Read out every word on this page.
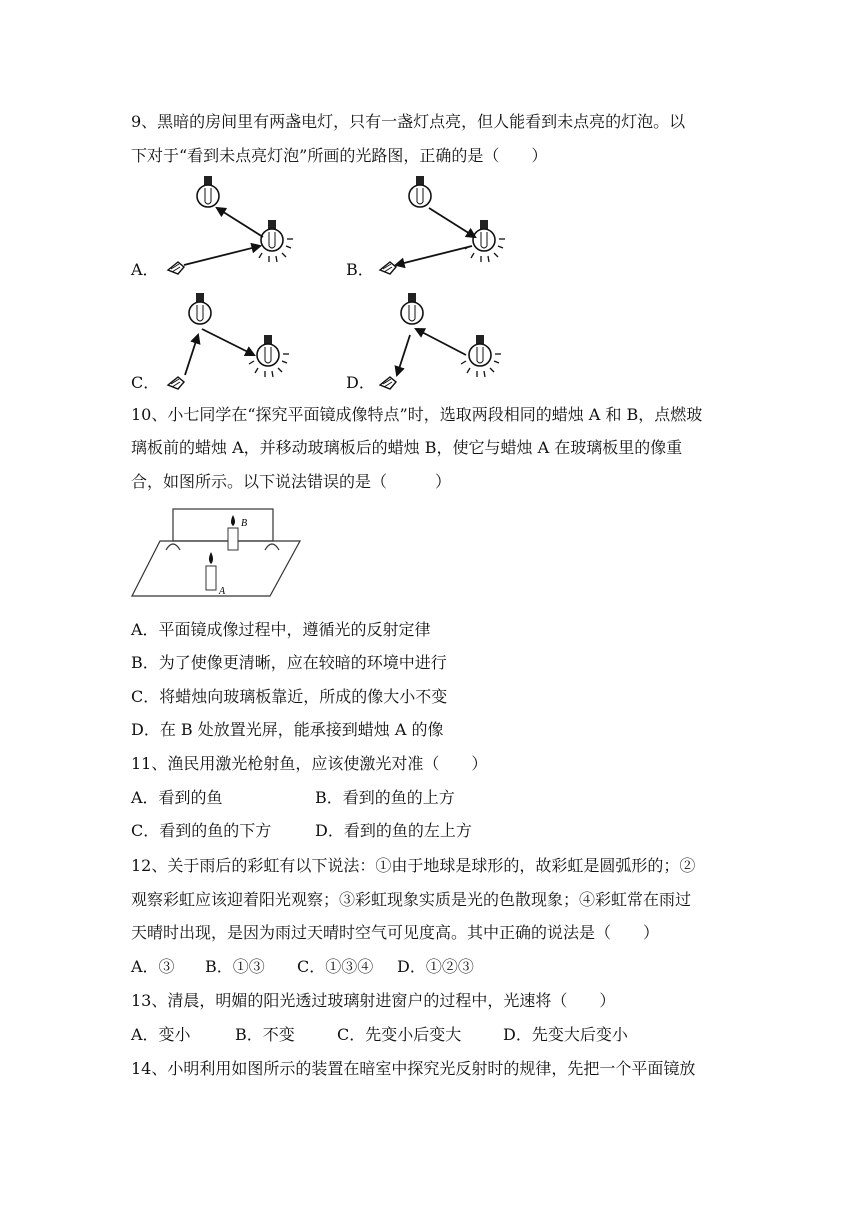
9、黑暗的房间里有两盏电灯，只有一盏灯点亮，但人能看到未点亮的灯泡。以
下对于“看到未点亮灯泡”所画的光路图，正确的是（　　）
A．	B．
C．	D．
10、小七同学在“探究平面镜成像特点”时，选取两段相同的蜡烛 A 和 B，点燃玻
璃板前的蜡烛 A，并移动玻璃板后的蜡烛 B，使它与蜡烛 A 在玻璃板里的像重
合，如图所示。以下说法错误的是（　　　）
B
A
A．平面镜成像过程中，遵循光的反射定律
B．为了使像更清晰，应在较暗的环境中进行
C．将蜡烛向玻璃板靠近，所成的像大小不变
D．在 B 处放置光屏，能承接到蜡烛 A 的像
11、渔民用激光枪射鱼，应该使激光对准（　　）
A．看到的鱼	B．看到的鱼的上方
C．看到的鱼的下方	D．看到的鱼的左上方
12、关于雨后的彩虹有以下说法：①由于地球是球形的，故彩虹是圆弧形的；②
观察彩虹应该迎着阳光观察；③彩虹现象实质是光的色散现象；④彩虹常在雨过
天晴时出现，是因为雨过天晴时空气可见度高。其中正确的说法是（　　）
A．③ B．①③ C．①③④ D．①②③
13、清晨，明媚的阳光透过玻璃射进窗户的过程中，光速将（　　）
A．变小	B．不变	C．先变小后变大	D．先变大后变小
14、小明利用如图所示的装置在暗室中探究光反射时的规律，先把一个平面镜放
